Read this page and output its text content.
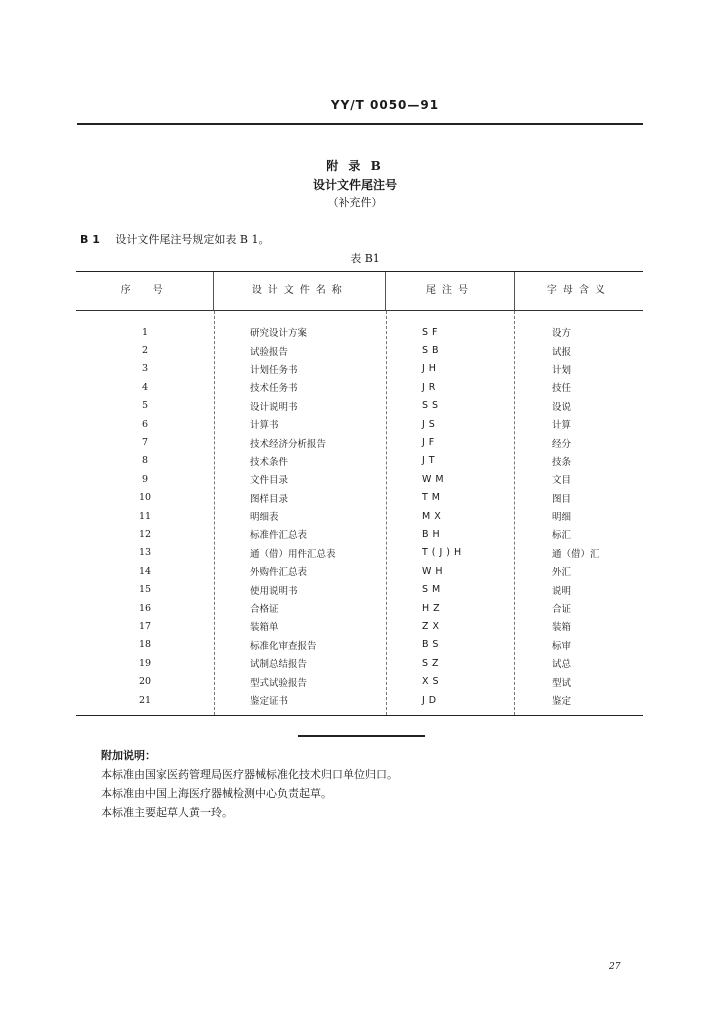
YY/T 0050—91
附 录 B
设计文件尾注号
（补充件）
B 1 设计文件尾注号规定如表 B 1。
表 B1
序　号	设计文件名称	尾注号	字母含义
1	研究设计方案	SF	设方
2	试验报告	SB	试报
3	计划任务书	JH	计划
4	技术任务书	JR	技任
5	设计说明书	SS	设说
6	计算书	JS	计算
7	技术经济分析报告	JF	经分
8	技术条件	JT	技条
9	文件目录	WM	文目
10	图样目录	TM	图目
11	明细表	MX	明细
12	标准件汇总表	BH	标汇
13	通（借）用件汇总表	T(J)H	通（借）汇
14	外购件汇总表	WH	外汇
15	使用说明书	SM	说明
16	合格证	HZ	合证
17	装箱单	ZX	装箱
18	标准化审查报告	BS	标审
19	试制总结报告	SZ	试总
20	型式试验报告	XS	型试
21	鉴定证书	JD	鉴定
附加说明：
本标准由国家医药管理局医疗器械标准化技术归口单位归口。
本标准由中国上海医疗器械检测中心负责起草。
本标准主要起草人黄一玲。
27
